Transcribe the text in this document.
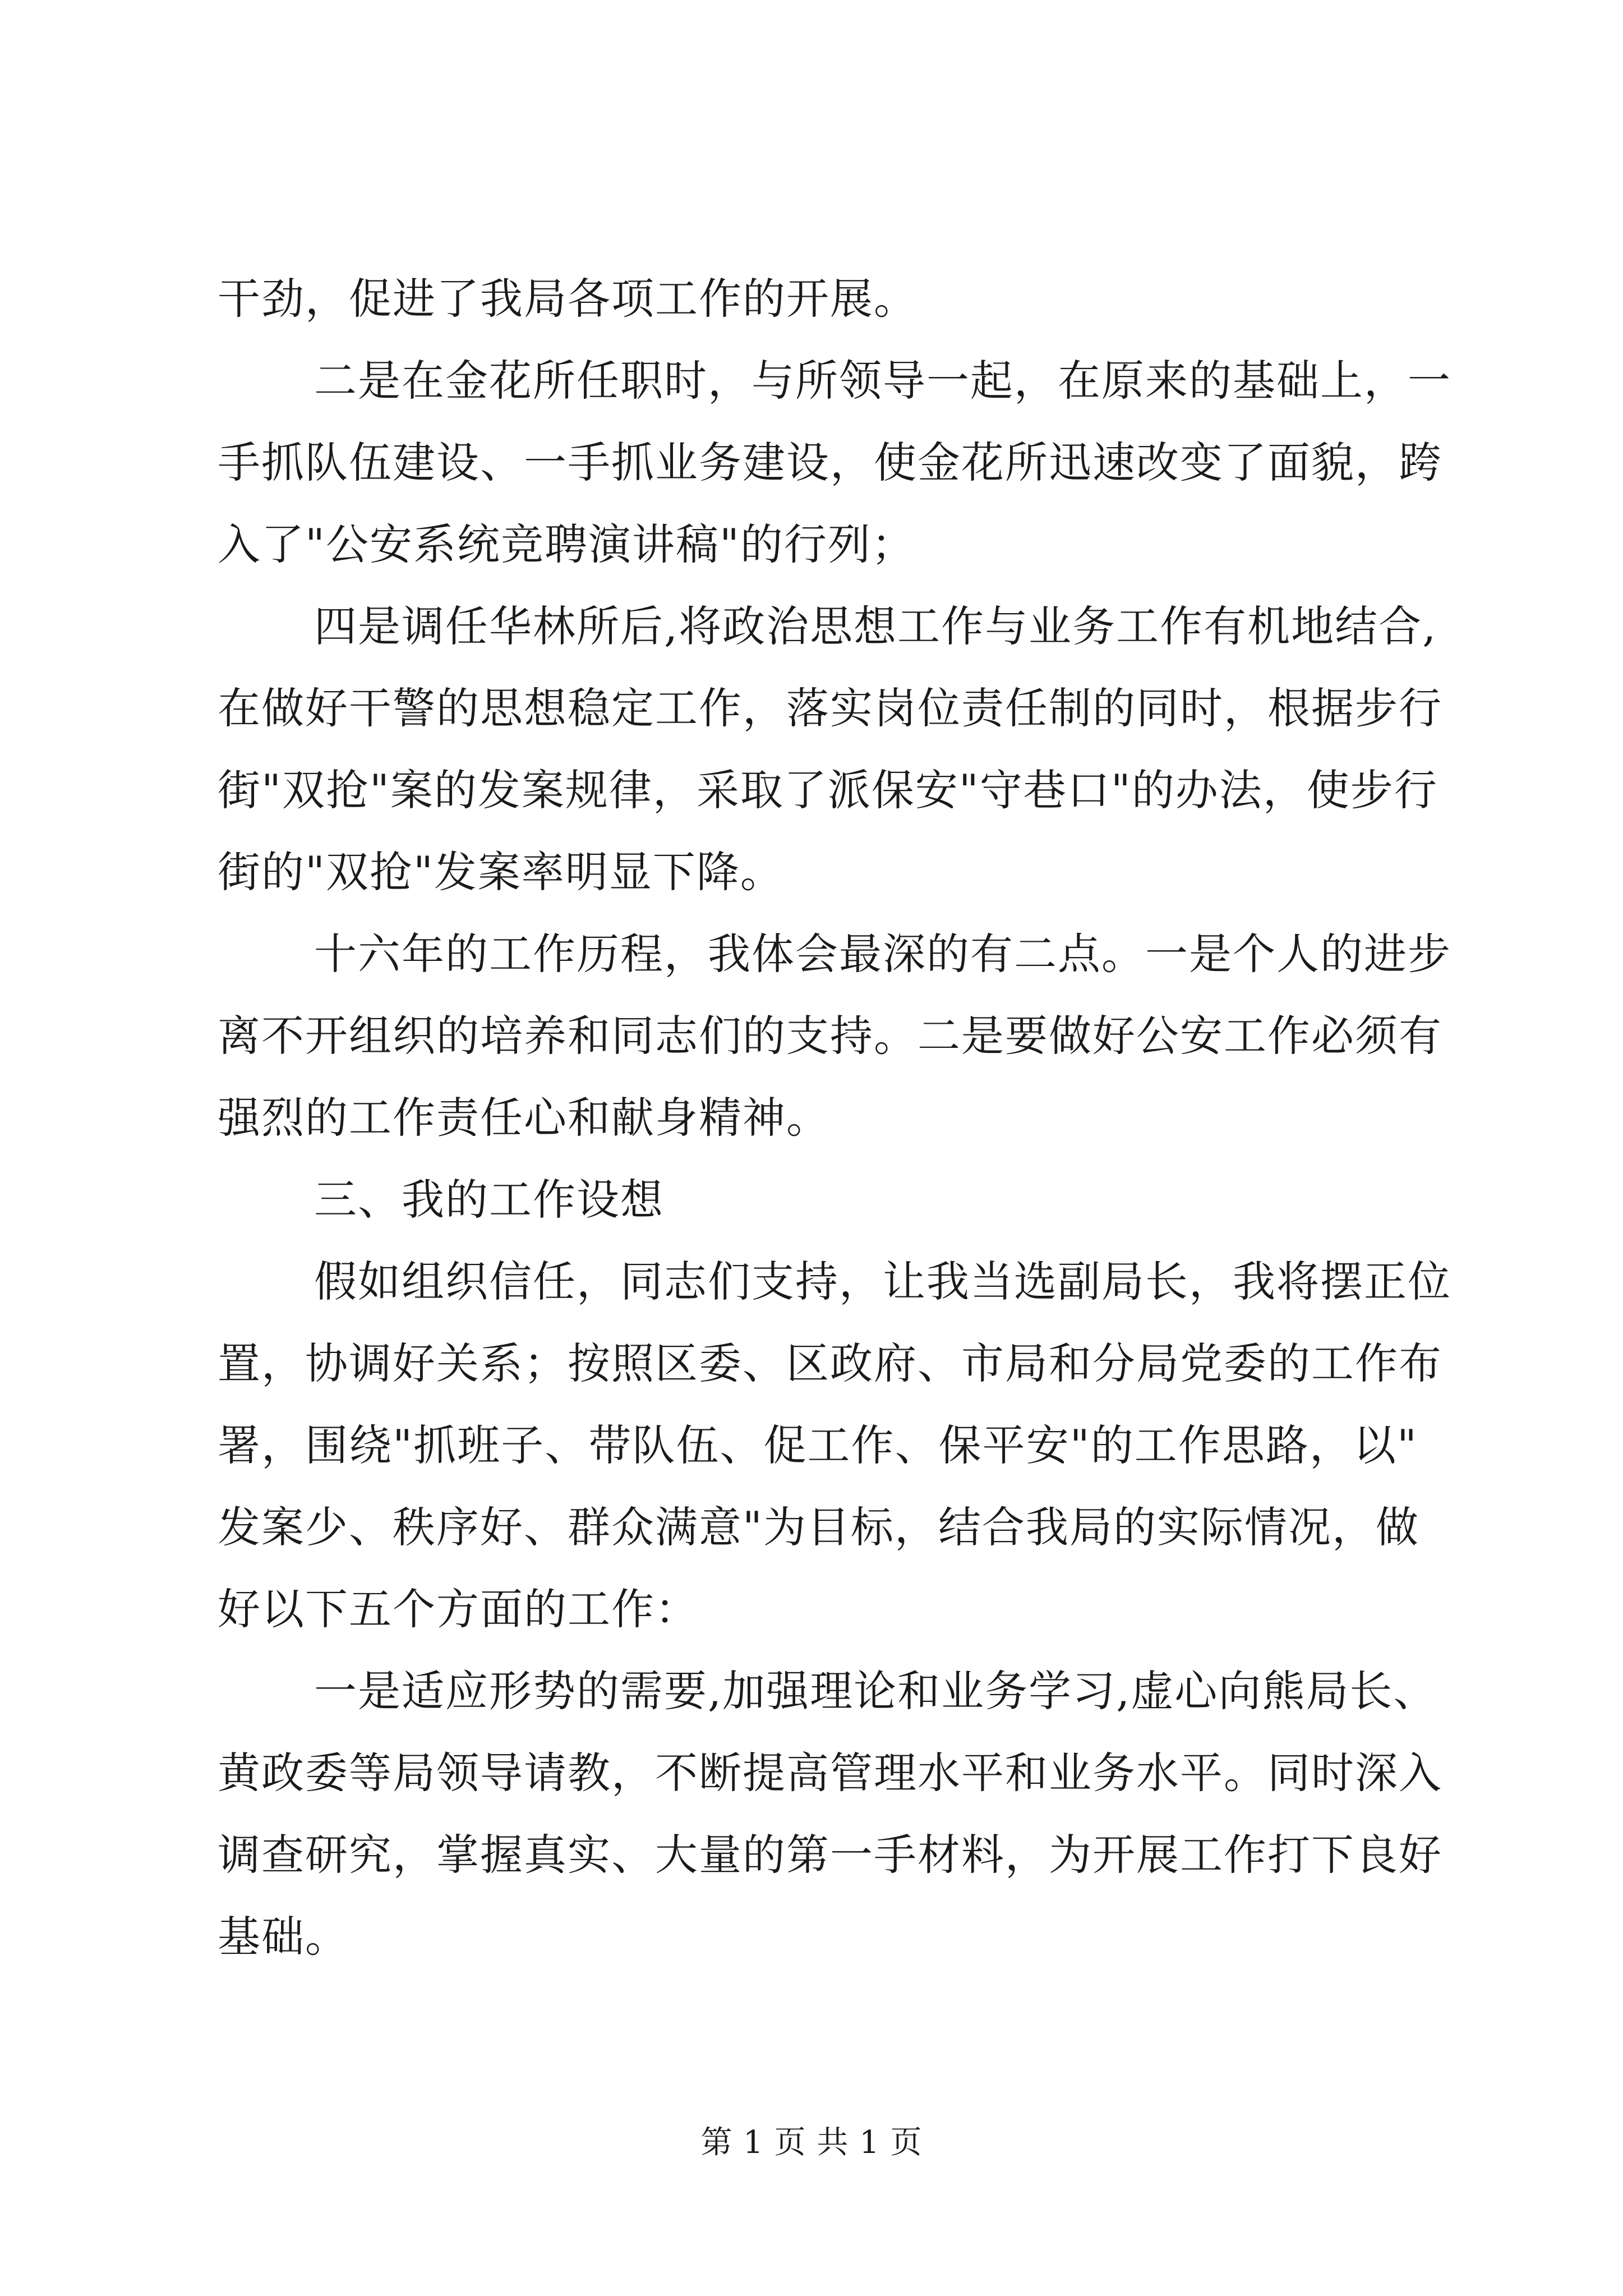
干劲，促进了我局各项工作的开展。
二是在金花所任职时，与所领导一起，在原来的基础上，一
手抓队伍建设、一手抓业务建设，使金花所迅速改变了面貌，跨
入了"公安系统竞聘演讲稿"的行列；
四是调任华林所后,将政治思想工作与业务工作有机地结合,
在做好干警的思想稳定工作，落实岗位责任制的同时，根据步行
街"双抢"案的发案规律，采取了派保安"守巷口"的办法，使步行
街的"双抢"发案率明显下降。
十六年的工作历程，我体会最深的有二点。一是个人的进步
离不开组织的培养和同志们的支持。二是要做好公安工作必须有
强烈的工作责任心和献身精神。
三、我的工作设想
假如组织信任，同志们支持，让我当选副局长，我将摆正位
置，协调好关系；按照区委、区政府、市局和分局党委的工作布
署，围绕"抓班子、带队伍、促工作、保平安"的工作思路，以"
发案少、秩序好、群众满意"为目标，结合我局的实际情况，做
好以下五个方面的工作：
一是适应形势的需要,加强理论和业务学习,虚心向熊局长、
黄政委等局领导请教，不断提高管理水平和业务水平。同时深入
调查研究，掌握真实、大量的第一手材料，为开展工作打下良好
基础。
第 1 页 共 1 页
